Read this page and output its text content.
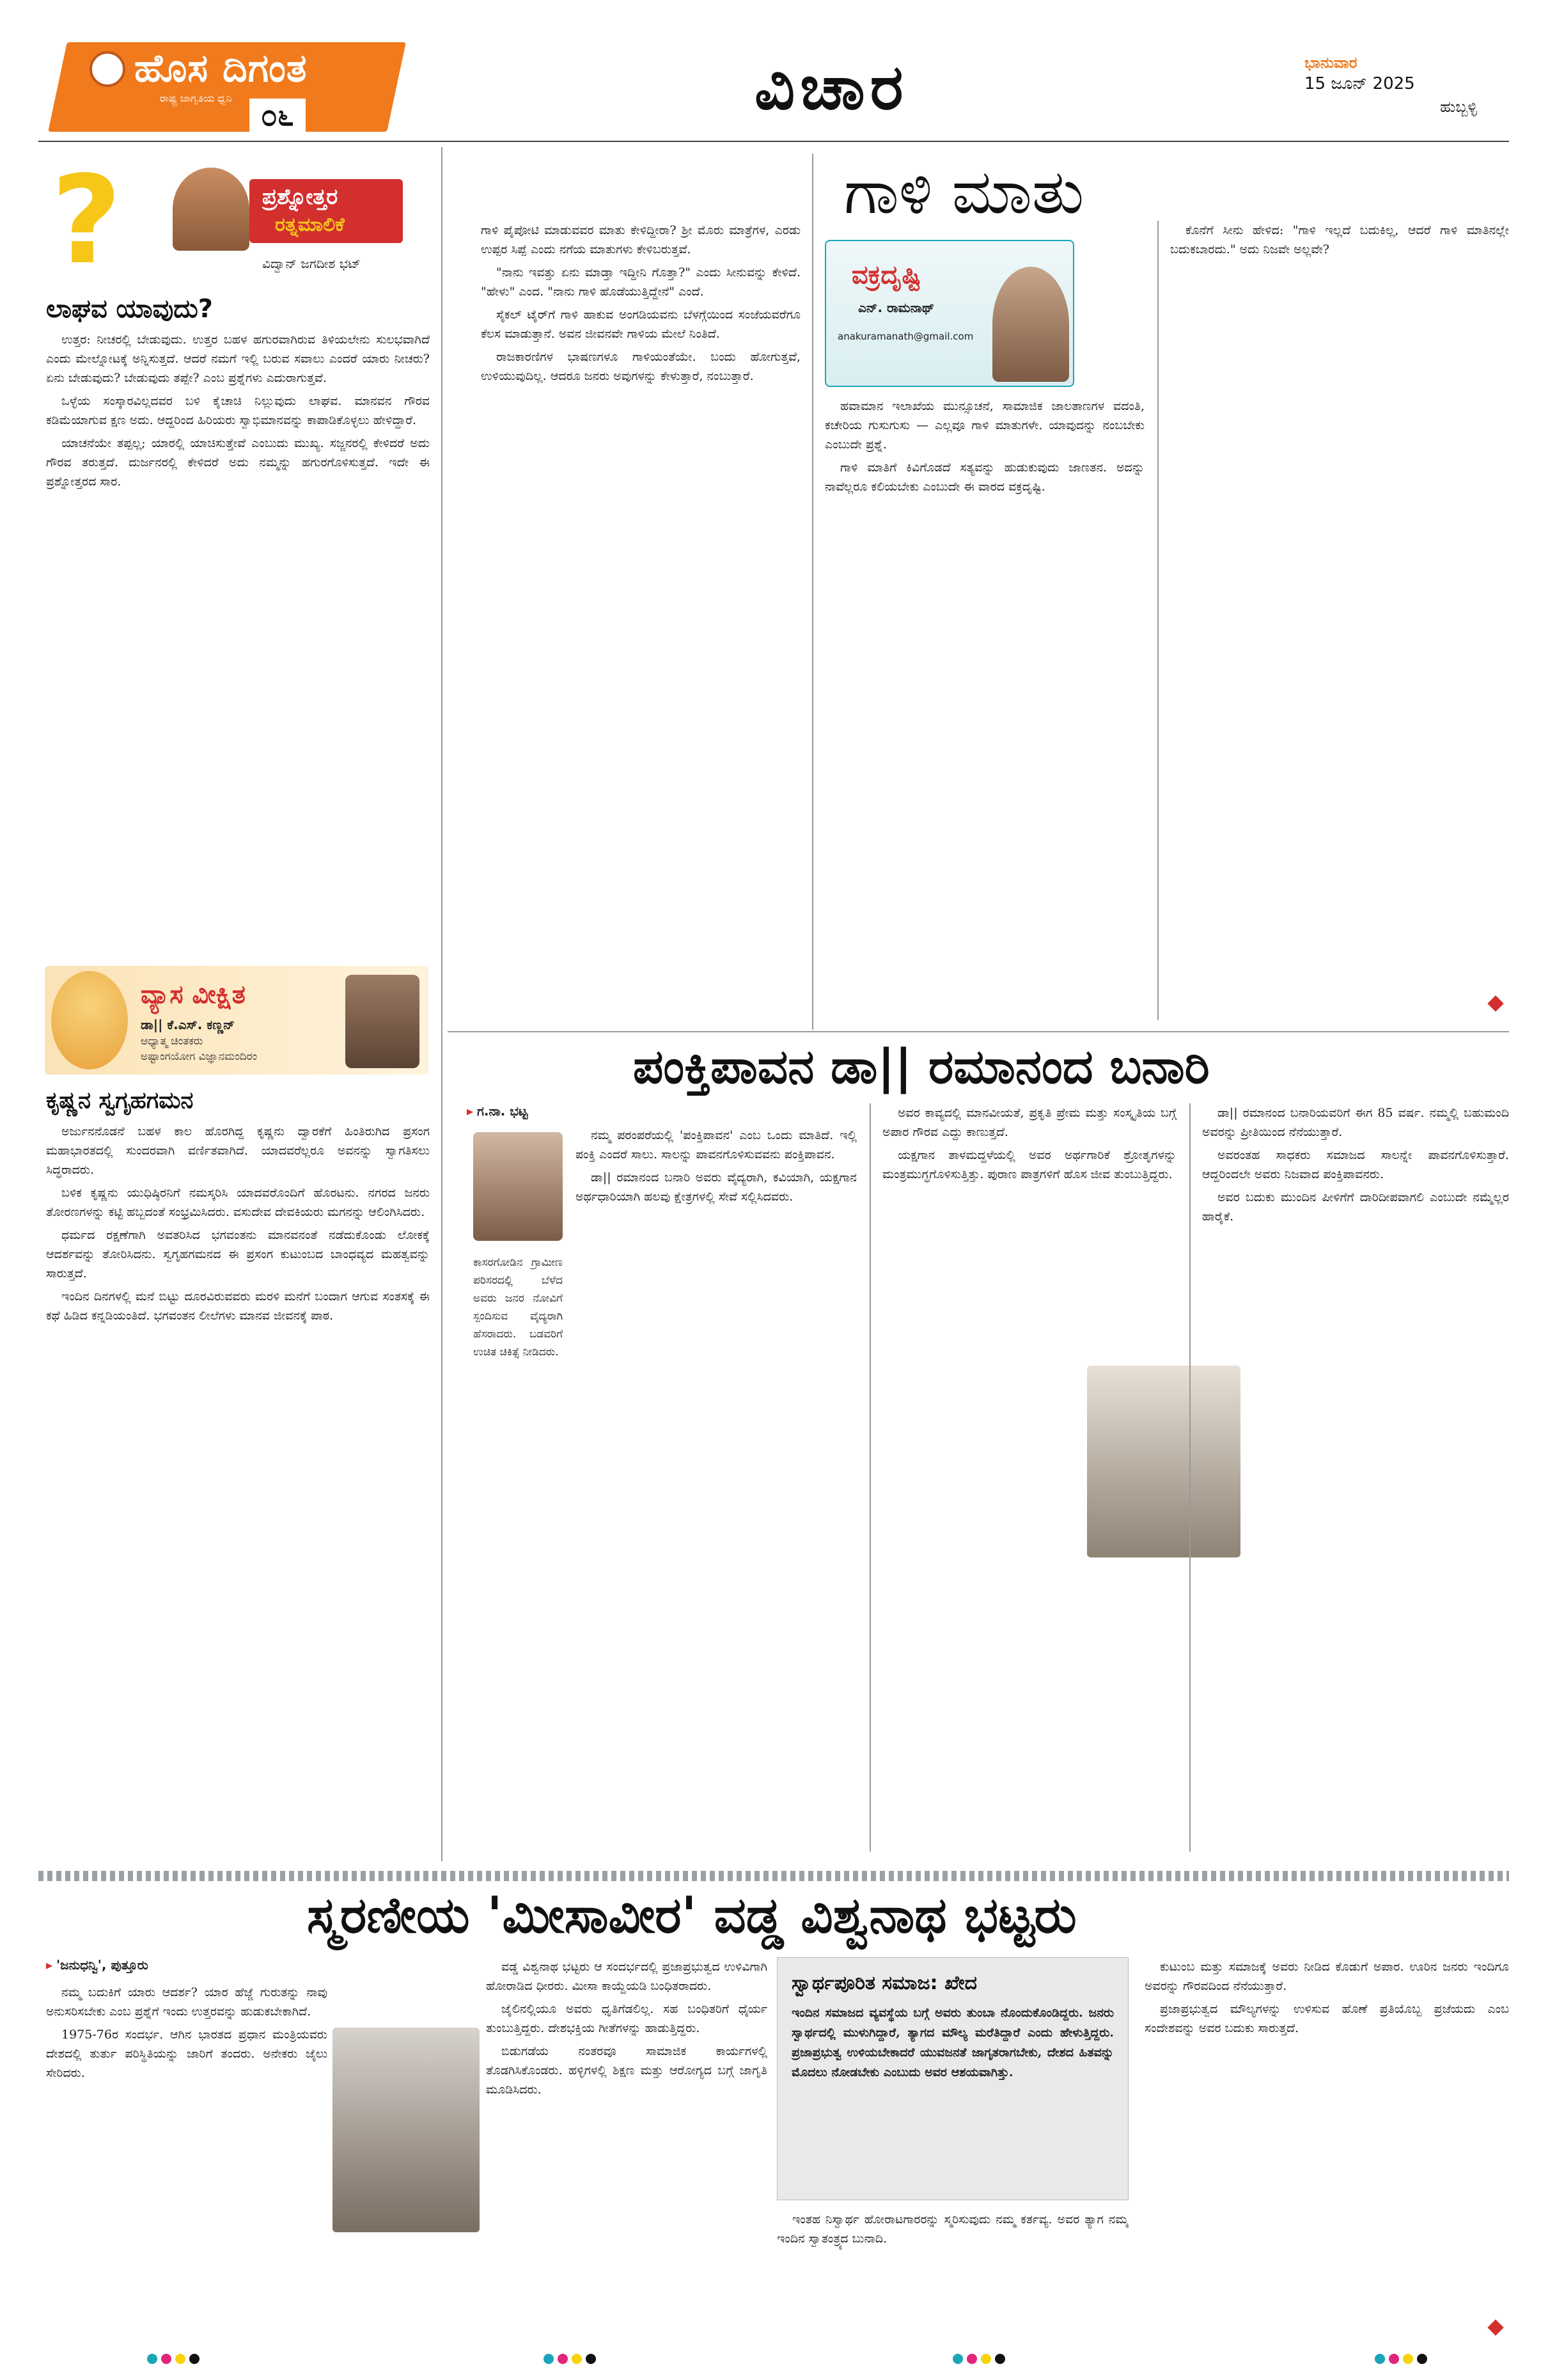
ಹೊಸ ದಿಗಂತ
ರಾಷ್ಟ್ರ ಜಾಗೃತಿಯ ಧ್ವನಿ ೦೬	ವಿಚಾರ	ಭಾನುವಾರ
15 ಜೂನ್ 2025
ಹುಬ್ಬಳ್ಳಿ
?	ಪ್ರಶ್ನೋತ್ತರ
ರತ್ನಮಾಲಿಕೆ
ವಿದ್ವಾನ್ ಜಗದೀಶ ಭಟ್
ಲಾಘವ ಯಾವುದು?

ಉತ್ತರ: ನೀಚರಲ್ಲಿ ಬೇಡುವುದು. ಉತ್ತರ ಬಹಳ ಹಗುರವಾಗಿರುವ ತಿಳಿಯಲೇನು ಸುಲಭವಾಗಿದೆ ಎಂದು ಮೇಲ್ನೋಟಕ್ಕೆ ಅನ್ನಿಸುತ್ತದೆ. ಆದರೆ ನಮಗೆ ಇಲ್ಲಿ ಬರುವ ಸವಾಲು ಎಂದರೆ ಯಾರು ನೀಚರು? ಏನು ಬೇಡುವುದು? ಬೇಡುವುದು ತಪ್ಪೇ? ಎಂಬ ಪ್ರಶ್ನೆಗಳು ಎದುರಾಗುತ್ತವೆ.

ಒಳ್ಳೆಯ ಸಂಸ್ಕಾರವಿಲ್ಲದವರ ಬಳಿ ಕೈಚಾಚಿ ನಿಲ್ಲುವುದು ಲಾಘವ. ಮಾನವನ ಗೌರವ ಕಡಿಮೆಯಾಗುವ ಕ್ಷಣ ಅದು. ಆದ್ದರಿಂದ ಹಿರಿಯರು ಸ್ವಾಭಿಮಾನವನ್ನು ಕಾಪಾಡಿಕೊಳ್ಳಲು ಹೇಳಿದ್ದಾರೆ.

ಯಾಚನೆಯೇ ತಪ್ಪಲ್ಲ; ಯಾರಲ್ಲಿ ಯಾಚಿಸುತ್ತೇವೆ ಎಂಬುದು ಮುಖ್ಯ. ಸಜ್ಜನರಲ್ಲಿ ಕೇಳಿದರೆ ಅದು ಗೌರವ ತರುತ್ತದೆ. ದುರ್ಜನರಲ್ಲಿ ಕೇಳಿದರೆ ಅದು ನಮ್ಮನ್ನು ಹಗುರಗೊಳಿಸುತ್ತದೆ. ಇದೇ ಈ ಪ್ರಶ್ನೋತ್ತರದ ಸಾರ.

ವ್ಯಾಸ ವೀಕ್ಷಿತ
ಡಾ|| ಕೆ.ಎಸ್. ಕಣ್ಣನ್
ಆಧ್ಯಾತ್ಮ ಚಿಂತಕರು
ಅಷ್ಟಾಂಗಯೋಗ ವಿಜ್ಞಾನಮಂದಿರಂ
ಕೃಷ್ಣನ ಸ್ವಗೃಹಗಮನ

ಅರ್ಜುನನೊಡನೆ ಬಹಳ ಕಾಲ ಹೊರಗಿದ್ದ ಕೃಷ್ಣನು ದ್ವಾರಕೆಗೆ ಹಿಂತಿರುಗಿದ ಪ್ರಸಂಗ ಮಹಾಭಾರತದಲ್ಲಿ ಸುಂದರವಾಗಿ ವರ್ಣಿತವಾಗಿದೆ. ಯಾದವರೆಲ್ಲರೂ ಅವನನ್ನು ಸ್ವಾಗತಿಸಲು ಸಿದ್ಧರಾದರು.

ಬಳಿಕ ಕೃಷ್ಣನು ಯುಧಿಷ್ಠಿರನಿಗೆ ನಮಸ್ಕರಿಸಿ ಯಾದವರೊಂದಿಗೆ ಹೊರಟನು. ನಗರದ ಜನರು ತೋರಣಗಳನ್ನು ಕಟ್ಟಿ ಹಬ್ಬದಂತೆ ಸಂಭ್ರಮಿಸಿದರು. ವಸುದೇವ ದೇವಕಿಯರು ಮಗನನ್ನು ಆಲಿಂಗಿಸಿದರು.

ಧರ್ಮದ ರಕ್ಷಣೆಗಾಗಿ ಅವತರಿಸಿದ ಭಗವಂತನು ಮಾನವನಂತೆ ನಡೆದುಕೊಂಡು ಲೋಕಕ್ಕೆ ಆದರ್ಶವನ್ನು ತೋರಿಸಿದನು. ಸ್ವಗೃಹಗಮನದ ಈ ಪ್ರಸಂಗ ಕುಟುಂಬದ ಬಾಂಧವ್ಯದ ಮಹತ್ವವನ್ನು ಸಾರುತ್ತದೆ.

ಇಂದಿನ ದಿನಗಳಲ್ಲಿ ಮನೆ ಬಿಟ್ಟು ದೂರವಿರುವವರು ಮರಳಿ ಮನೆಗೆ ಬಂದಾಗ ಆಗುವ ಸಂತಸಕ್ಕೆ ಈ ಕಥೆ ಹಿಡಿದ ಕನ್ನಡಿಯಂತಿದೆ. ಭಗವಂತನ ಲೀಲೆಗಳು ಮಾನವ ಜೀವನಕ್ಕೆ ಪಾಠ.

ಗಾಳಿ ಮಾತು
ವಕ್ರದೃಷ್ಟಿ
ಎನ್. ರಾಮನಾಥ್
anakuramanath@gmail.com

ಗಾಳಿ ಪೈಪೋಟಿ ಮಾಡುವವರ ಮಾತು ಕೇಳಿದ್ದೀರಾ? ಶ್ರೀ ಮೊರು ಮಾತ್ರೆಗಳ, ಎರಡು ಉಪ್ಪರ ಸಿಪ್ಪೆ ಎಂದು ನಗೆಯ ಮಾತುಗಳು ಕೇಳಿಬರುತ್ತವೆ.

"ನಾನು ಇವತ್ತು ಏನು ಮಾಡ್ತಾ ಇದ್ದೀನಿ ಗೊತ್ತಾ?" ಎಂದು ಸೀನುವನ್ನು ಕೇಳಿದೆ. "ಹೇಳು" ಎಂದ. "ನಾನು ಗಾಳಿ ಹೊಡೆಯುತ್ತಿದ್ದೇನೆ" ಎಂದೆ.

ಸೈಕಲ್ ಟೈರ್‌ಗೆ ಗಾಳಿ ಹಾಕುವ ಅಂಗಡಿಯವನು ಬೆಳಗ್ಗೆಯಿಂದ ಸಂಜೆಯವರೆಗೂ ಕೆಲಸ ಮಾಡುತ್ತಾನೆ. ಅವನ ಜೀವನವೇ ಗಾಳಿಯ ಮೇಲೆ ನಿಂತಿದೆ.

ರಾಜಕಾರಣಿಗಳ ಭಾಷಣಗಳೂ ಗಾಳಿಯಂತೆಯೇ. ಬಂದು ಹೋಗುತ್ತವೆ, ಉಳಿಯುವುದಿಲ್ಲ. ಆದರೂ ಜನರು ಅವುಗಳನ್ನು ಕೇಳುತ್ತಾರೆ, ನಂಬುತ್ತಾರೆ.

ಹವಾಮಾನ ಇಲಾಖೆಯ ಮುನ್ಸೂಚನೆ, ಸಾಮಾಜಿಕ ಜಾಲತಾಣಗಳ ವದಂತಿ, ಕಚೇರಿಯ ಗುಸುಗುಸು — ಎಲ್ಲವೂ ಗಾಳಿ ಮಾತುಗಳೇ. ಯಾವುದನ್ನು ನಂಬಬೇಕು ಎಂಬುದೇ ಪ್ರಶ್ನೆ.

ಗಾಳಿ ಮಾತಿಗೆ ಕಿವಿಗೊಡದೆ ಸತ್ಯವನ್ನು ಹುಡುಕುವುದು ಜಾಣತನ. ಅದನ್ನು ನಾವೆಲ್ಲರೂ ಕಲಿಯಬೇಕು ಎಂಬುದೇ ಈ ವಾರದ ವಕ್ರದೃಷ್ಟಿ.

ಕೊನೆಗೆ ಸೀನು ಹೇಳಿದ: "ಗಾಳಿ ಇಲ್ಲದೆ ಬದುಕಿಲ್ಲ, ಆದರೆ ಗಾಳಿ ಮಾತಿನಲ್ಲೇ ಬದುಕಬಾರದು." ಅದು ನಿಜವೇ ಅಲ್ಲವೇ?

ಪಂಕ್ತಿಪಾವನ ಡಾ|| ರಮಾನಂದ ಬನಾರಿ
▸ ಗ.ನಾ. ಭಟ್ಟ

ನಮ್ಮ ಪರಂಪರೆಯಲ್ಲಿ 'ಪಂಕ್ತಿಪಾವನ' ಎಂಬ ಒಂದು ಮಾತಿದೆ. ಇಲ್ಲಿ ಪಂಕ್ತಿ ಎಂದರೆ ಸಾಲು. ಸಾಲನ್ನು ಪಾವನಗೊಳಿಸುವವನು ಪಂಕ್ತಿಪಾವನ.

ಡಾ|| ರಮಾನಂದ ಬನಾರಿ ಅವರು ವೈದ್ಯರಾಗಿ, ಕವಿಯಾಗಿ, ಯಕ್ಷಗಾನ ಅರ್ಥಧಾರಿಯಾಗಿ ಹಲವು ಕ್ಷೇತ್ರಗಳಲ್ಲಿ ಸೇವೆ ಸಲ್ಲಿಸಿದವರು.

ಕಾಸರಗೋಡಿನ ಗ್ರಾಮೀಣ ಪರಿಸರದಲ್ಲಿ ಬೆಳೆದ ಅವರು ಜನರ ನೋವಿಗೆ ಸ್ಪಂದಿಸುವ ವೈದ್ಯರಾಗಿ ಹೆಸರಾದರು. ಬಡವರಿಗೆ ಉಚಿತ ಚಿಕಿತ್ಸೆ ನೀಡಿದರು.

ಅವರ ಕಾವ್ಯದಲ್ಲಿ ಮಾನವೀಯತೆ, ಪ್ರಕೃತಿ ಪ್ರೇಮ ಮತ್ತು ಸಂಸ್ಕೃತಿಯ ಬಗ್ಗೆ ಅಪಾರ ಗೌರವ ಎದ್ದು ಕಾಣುತ್ತದೆ.

ಯಕ್ಷಗಾನ ತಾಳಮದ್ದಳೆಯಲ್ಲಿ ಅವರ ಅರ್ಥಗಾರಿಕೆ ಶ್ರೋತೃಗಳನ್ನು ಮಂತ್ರಮುಗ್ಧಗೊಳಿಸುತ್ತಿತ್ತು. ಪುರಾಣ ಪಾತ್ರಗಳಿಗೆ ಹೊಸ ಜೀವ ತುಂಬುತ್ತಿದ್ದರು.

ಡಾ|| ರಮಾನಂದ ಬನಾರಿಯವರಿಗೆ ಈಗ 85 ವರ್ಷ. ನಮ್ಮಲ್ಲಿ ಬಹುಮಂದಿ ಅವರನ್ನು ಪ್ರೀತಿಯಿಂದ ನೆನೆಯುತ್ತಾರೆ.

ಅವರಂತಹ ಸಾಧಕರು ಸಮಾಜದ ಸಾಲನ್ನೇ ಪಾವನಗೊಳಿಸುತ್ತಾರೆ. ಆದ್ದರಿಂದಲೇ ಅವರು ನಿಜವಾದ ಪಂಕ್ತಿಪಾವನರು.

ಅವರ ಬದುಕು ಮುಂದಿನ ಪೀಳಿಗೆಗೆ ದಾರಿದೀಪವಾಗಲಿ ಎಂಬುದೇ ನಮ್ಮೆಲ್ಲರ ಹಾರೈಕೆ.

ಸ್ಮರಣೀಯ 'ಮೀಸಾವೀರ' ವಡ್ಡ ವಿಶ್ವನಾಥ ಭಟ್ಟರು
▸ 'ಜನುಧನ್ವಿ', ಪುತ್ತೂರು

ನಮ್ಮ ಬದುಕಿಗೆ ಯಾರು ಆದರ್ಶ? ಯಾರ ಹೆಜ್ಜೆ ಗುರುತನ್ನು ನಾವು ಅನುಸರಿಸಬೇಕು ಎಂಬ ಪ್ರಶ್ನೆಗೆ ಇಂದು ಉತ್ತರವನ್ನು ಹುಡುಕಬೇಕಾಗಿದೆ.

1975-76ರ ಸಂದರ್ಭ. ಆಗಿನ ಭಾರತದ ಪ್ರಧಾನ ಮಂತ್ರಿಯವರು ದೇಶದಲ್ಲಿ ತುರ್ತು ಪರಿಸ್ಥಿತಿಯನ್ನು ಜಾರಿಗೆ ತಂದರು. ಅನೇಕರು ಜೈಲು ಸೇರಿದರು.

ವಡ್ಡ ವಿಶ್ವನಾಥ ಭಟ್ಟರು ಆ ಸಂದರ್ಭದಲ್ಲಿ ಪ್ರಜಾಪ್ರಭುತ್ವದ ಉಳಿವಿಗಾಗಿ ಹೋರಾಡಿದ ಧೀರರು. ಮೀಸಾ ಕಾಯ್ದೆಯಡಿ ಬಂಧಿತರಾದರು.

ಜೈಲಿನಲ್ಲಿಯೂ ಅವರು ಧೃತಿಗೆಡಲಿಲ್ಲ. ಸಹ ಬಂಧಿತರಿಗೆ ಧೈರ್ಯ ತುಂಬುತ್ತಿದ್ದರು. ದೇಶಭಕ್ತಿಯ ಗೀತೆಗಳನ್ನು ಹಾಡುತ್ತಿದ್ದರು.

ಬಿಡುಗಡೆಯ ನಂತರವೂ ಸಾಮಾಜಿಕ ಕಾರ್ಯಗಳಲ್ಲಿ ತೊಡಗಿಸಿಕೊಂಡರು. ಹಳ್ಳಿಗಳಲ್ಲಿ ಶಿಕ್ಷಣ ಮತ್ತು ಆರೋಗ್ಯದ ಬಗ್ಗೆ ಜಾಗೃತಿ ಮೂಡಿಸಿದರು.

ಸ್ವಾರ್ಥಪೂರಿತ ಸಮಾಜ: ಖೇದ
ಇಂದಿನ ಸಮಾಜದ ವ್ಯವಸ್ಥೆಯ ಬಗ್ಗೆ ಅವರು ತುಂಬಾ ನೊಂದುಕೊಂಡಿದ್ದರು. ಜನರು ಸ್ವಾರ್ಥದಲ್ಲಿ ಮುಳುಗಿದ್ದಾರೆ, ತ್ಯಾಗದ ಮೌಲ್ಯ ಮರೆತಿದ್ದಾರೆ ಎಂದು ಹೇಳುತ್ತಿದ್ದರು. ಪ್ರಜಾಪ್ರಭುತ್ವ ಉಳಿಯಬೇಕಾದರೆ ಯುವಜನತೆ ಜಾಗೃತರಾಗಬೇಕು, ದೇಶದ ಹಿತವನ್ನು ಮೊದಲು ನೋಡಬೇಕು ಎಂಬುದು ಅವರ ಆಶಯವಾಗಿತ್ತು.

ಇಂತಹ ನಿಸ್ವಾರ್ಥ ಹೋರಾಟಗಾರರನ್ನು ಸ್ಮರಿಸುವುದು ನಮ್ಮ ಕರ್ತವ್ಯ. ಅವರ ತ್ಯಾಗ ನಮ್ಮ ಇಂದಿನ ಸ್ವಾತಂತ್ರ್ಯದ ಬುನಾದಿ.

ಕುಟುಂಬ ಮತ್ತು ಸಮಾಜಕ್ಕೆ ಅವರು ನೀಡಿದ ಕೊಡುಗೆ ಅಪಾರ. ಊರಿನ ಜನರು ಇಂದಿಗೂ ಅವರನ್ನು ಗೌರವದಿಂದ ನೆನೆಯುತ್ತಾರೆ.

ಪ್ರಜಾಪ್ರಭುತ್ವದ ಮೌಲ್ಯಗಳನ್ನು ಉಳಿಸುವ ಹೊಣೆ ಪ್ರತಿಯೊಬ್ಬ ಪ್ರಜೆಯದು ಎಂಬ ಸಂದೇಶವನ್ನು ಅವರ ಬದುಕು ಸಾರುತ್ತದೆ.
